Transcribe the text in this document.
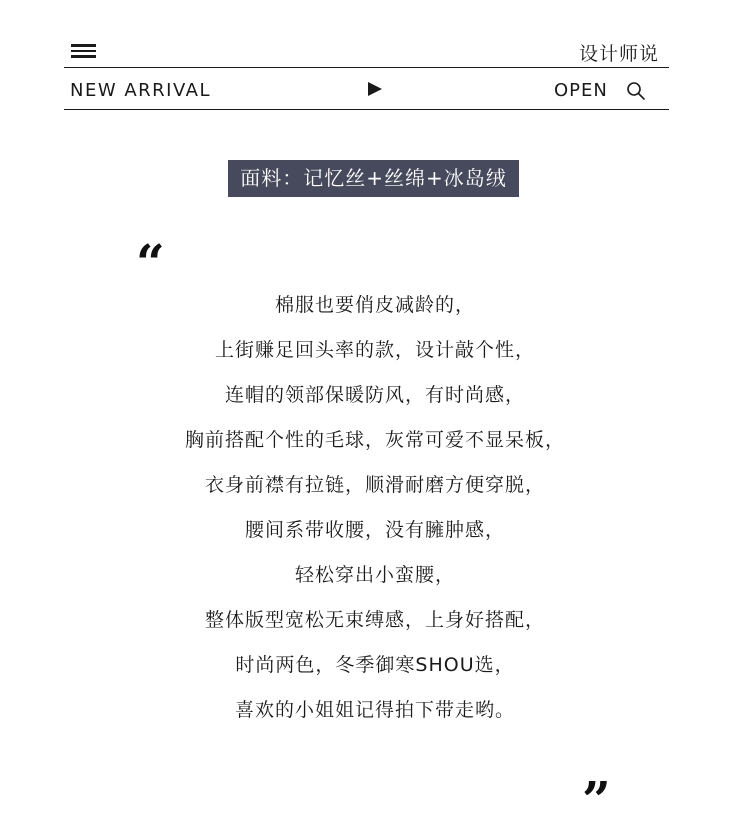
设计师说
NEW ARRIVAL	OPEN
面料：记忆丝+丝绵+冰岛绒
“
棉服也要俏皮减龄的，
上街赚足回头率的款，设计敲个性，
连帽的领部保暖防风，有时尚感，
胸前搭配个性的毛球，灰常可爱不显呆板，
衣身前襟有拉链，顺滑耐磨方便穿脱，
腰间系带收腰，没有臃肿感，
轻松穿出小蛮腰，
整体版型宽松无束缚感，上身好搭配，
时尚两色，冬季御寒SHOU选，
喜欢的小姐姐记得拍下带走哟。
”
